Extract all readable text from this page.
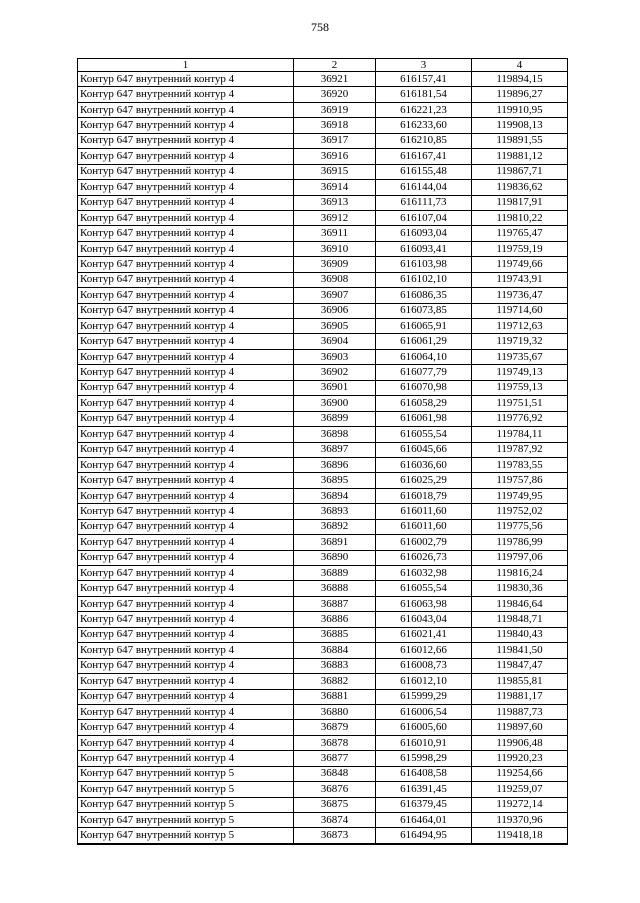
758
1	2	3	4
Контур 647 внутренний контур 4	36921	616157,41	119894,15
Контур 647 внутренний контур 4	36920	616181,54	119896,27
Контур 647 внутренний контур 4	36919	616221,23	119910,95
Контур 647 внутренний контур 4	36918	616233,60	119908,13
Контур 647 внутренний контур 4	36917	616210,85	119891,55
Контур 647 внутренний контур 4	36916	616167,41	119881,12
Контур 647 внутренний контур 4	36915	616155,48	119867,71
Контур 647 внутренний контур 4	36914	616144,04	119836,62
Контур 647 внутренний контур 4	36913	616111,73	119817,91
Контур 647 внутренний контур 4	36912	616107,04	119810,22
Контур 647 внутренний контур 4	36911	616093,04	119765,47
Контур 647 внутренний контур 4	36910	616093,41	119759,19
Контур 647 внутренний контур 4	36909	616103,98	119749,66
Контур 647 внутренний контур 4	36908	616102,10	119743,91
Контур 647 внутренний контур 4	36907	616086,35	119736,47
Контур 647 внутренний контур 4	36906	616073,85	119714,60
Контур 647 внутренний контур 4	36905	616065,91	119712,63
Контур 647 внутренний контур 4	36904	616061,29	119719,32
Контур 647 внутренний контур 4	36903	616064,10	119735,67
Контур 647 внутренний контур 4	36902	616077,79	119749,13
Контур 647 внутренний контур 4	36901	616070,98	119759,13
Контур 647 внутренний контур 4	36900	616058,29	119751,51
Контур 647 внутренний контур 4	36899	616061,98	119776,92
Контур 647 внутренний контур 4	36898	616055,54	119784,11
Контур 647 внутренний контур 4	36897	616045,66	119787,92
Контур 647 внутренний контур 4	36896	616036,60	119783,55
Контур 647 внутренний контур 4	36895	616025,29	119757,86
Контур 647 внутренний контур 4	36894	616018,79	119749,95
Контур 647 внутренний контур 4	36893	616011,60	119752,02
Контур 647 внутренний контур 4	36892	616011,60	119775,56
Контур 647 внутренний контур 4	36891	616002,79	119786,99
Контур 647 внутренний контур 4	36890	616026,73	119797,06
Контур 647 внутренний контур 4	36889	616032,98	119816,24
Контур 647 внутренний контур 4	36888	616055,54	119830,36
Контур 647 внутренний контур 4	36887	616063,98	119846,64
Контур 647 внутренний контур 4	36886	616043,04	119848,71
Контур 647 внутренний контур 4	36885	616021,41	119840,43
Контур 647 внутренний контур 4	36884	616012,66	119841,50
Контур 647 внутренний контур 4	36883	616008,73	119847,47
Контур 647 внутренний контур 4	36882	616012,10	119855,81
Контур 647 внутренний контур 4	36881	615999,29	119881,17
Контур 647 внутренний контур 4	36880	616006,54	119887,73
Контур 647 внутренний контур 4	36879	616005,60	119897,60
Контур 647 внутренний контур 4	36878	616010,91	119906,48
Контур 647 внутренний контур 4	36877	615998,29	119920,23
Контур 647 внутренний контур 5	36848	616408,58	119254,66
Контур 647 внутренний контур 5	36876	616391,45	119259,07
Контур 647 внутренний контур 5	36875	616379,45	119272,14
Контур 647 внутренний контур 5	36874	616464,01	119370,96
Контур 647 внутренний контур 5	36873	616494,95	119418,18
